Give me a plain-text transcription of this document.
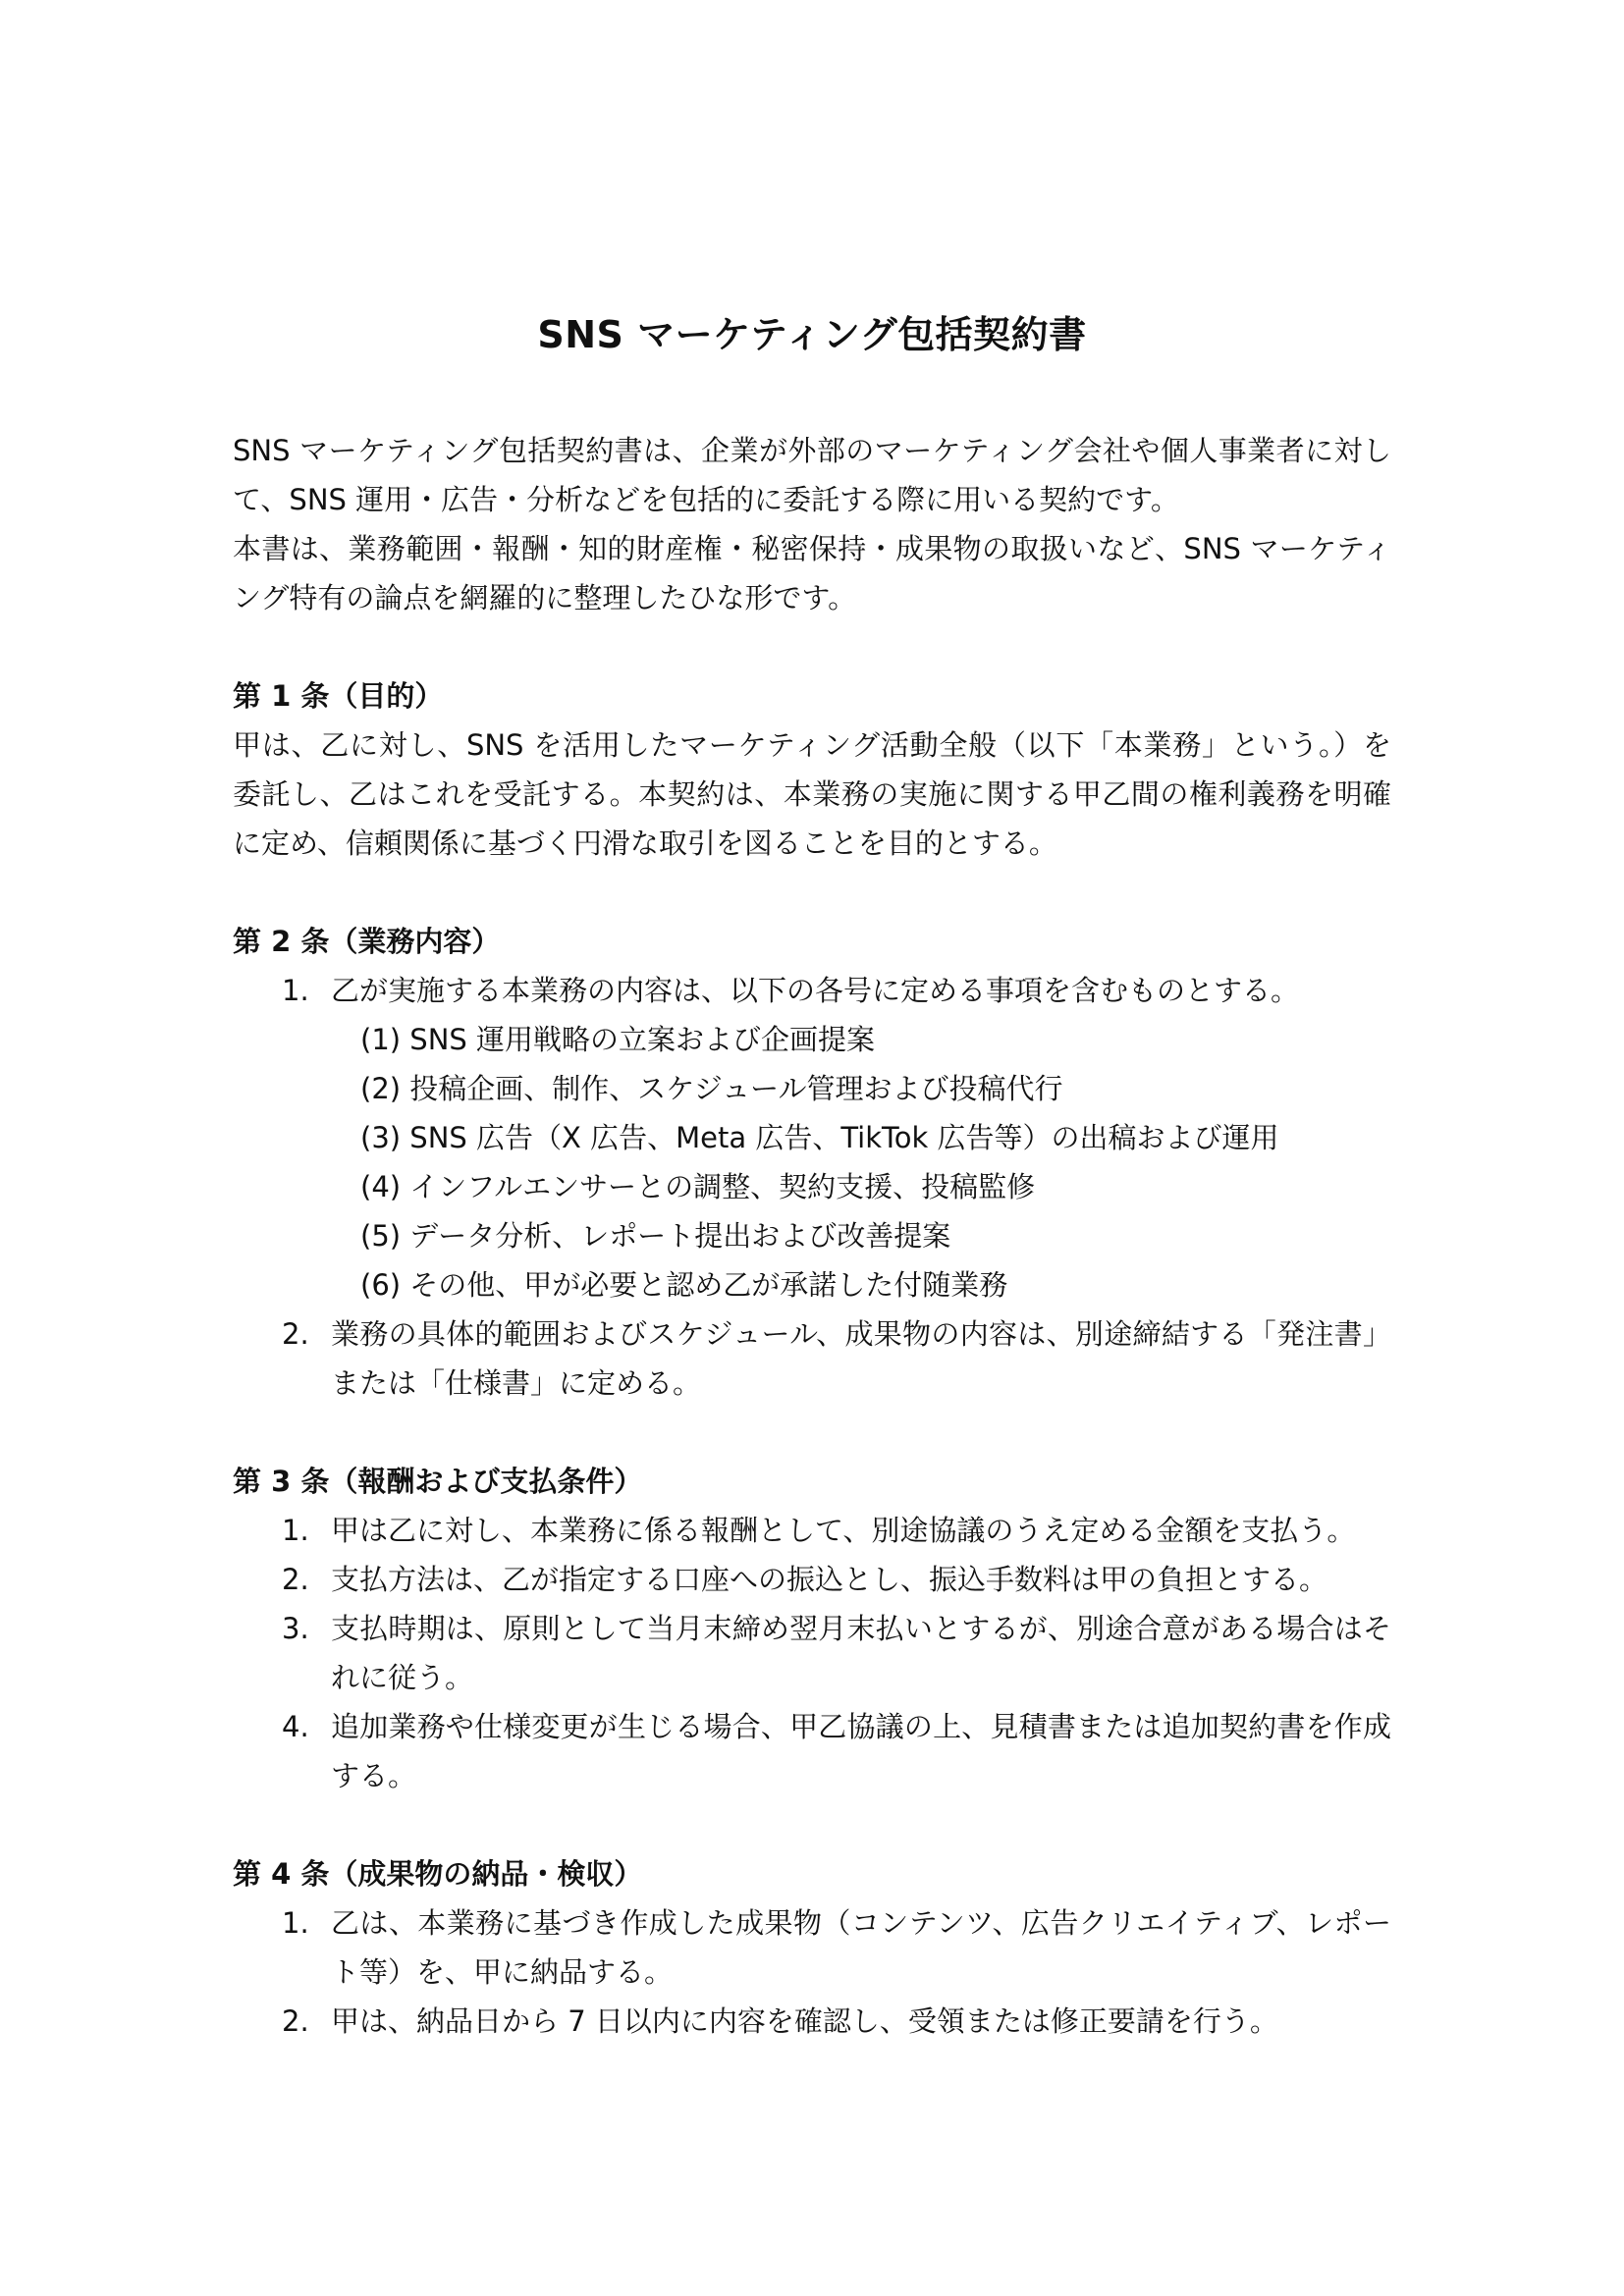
SNS マーケティング包括契約書

SNS マーケティング包括契約書は、企業が外部のマーケティング会社や個人事業者に対して、SNS 運用・広告・分析などを包括的に委託する際に用いる契約です。

本書は、業務範囲・報酬・知的財産権・秘密保持・成果物の取扱いなど、SNS マーケティング特有の論点を網羅的に整理したひな形です。

第 1 条（目的）

甲は、乙に対し、SNS を活用したマーケティング活動全般（以下「本業務」という。）を委託し、乙はこれを受託する。本契約は、本業務の実施に関する甲乙間の権利義務を明確に定め、信頼関係に基づく円滑な取引を図ることを目的とする。

第 2 条（業務内容）
1. 乙が実施する本業務の内容は、以下の各号に定める事項を含むものとする。
(1) SNS 運用戦略の立案および企画提案
(2) 投稿企画、制作、スケジュール管理および投稿代行
(3) SNS 広告（X 広告、Meta 広告、TikTok 広告等）の出稿および運用
(4) インフルエンサーとの調整、契約支援、投稿監修
(5) データ分析、レポート提出および改善提案
(6) その他、甲が必要と認め乙が承諾した付随業務
2. 業務の具体的範囲およびスケジュール、成果物の内容は、別途締結する「発注書」または「仕様書」に定める。
第 3 条（報酬および支払条件）
1. 甲は乙に対し、本業務に係る報酬として、別途協議のうえ定める金額を支払う。
2. 支払方法は、乙が指定する口座への振込とし、振込手数料は甲の負担とする。
3. 支払時期は、原則として当月末締め翌月末払いとするが、別途合意がある場合はそれに従う。
4. 追加業務や仕様変更が生じる場合、甲乙協議の上、見積書または追加契約書を作成する。
第 4 条（成果物の納品・検収）
1. 乙は、本業務に基づき作成した成果物（コンテンツ、広告クリエイティブ、レポート等）を、甲に納品する。
2. 甲は、納品日から 7 日以内に内容を確認し、受領または修正要請を行う。
